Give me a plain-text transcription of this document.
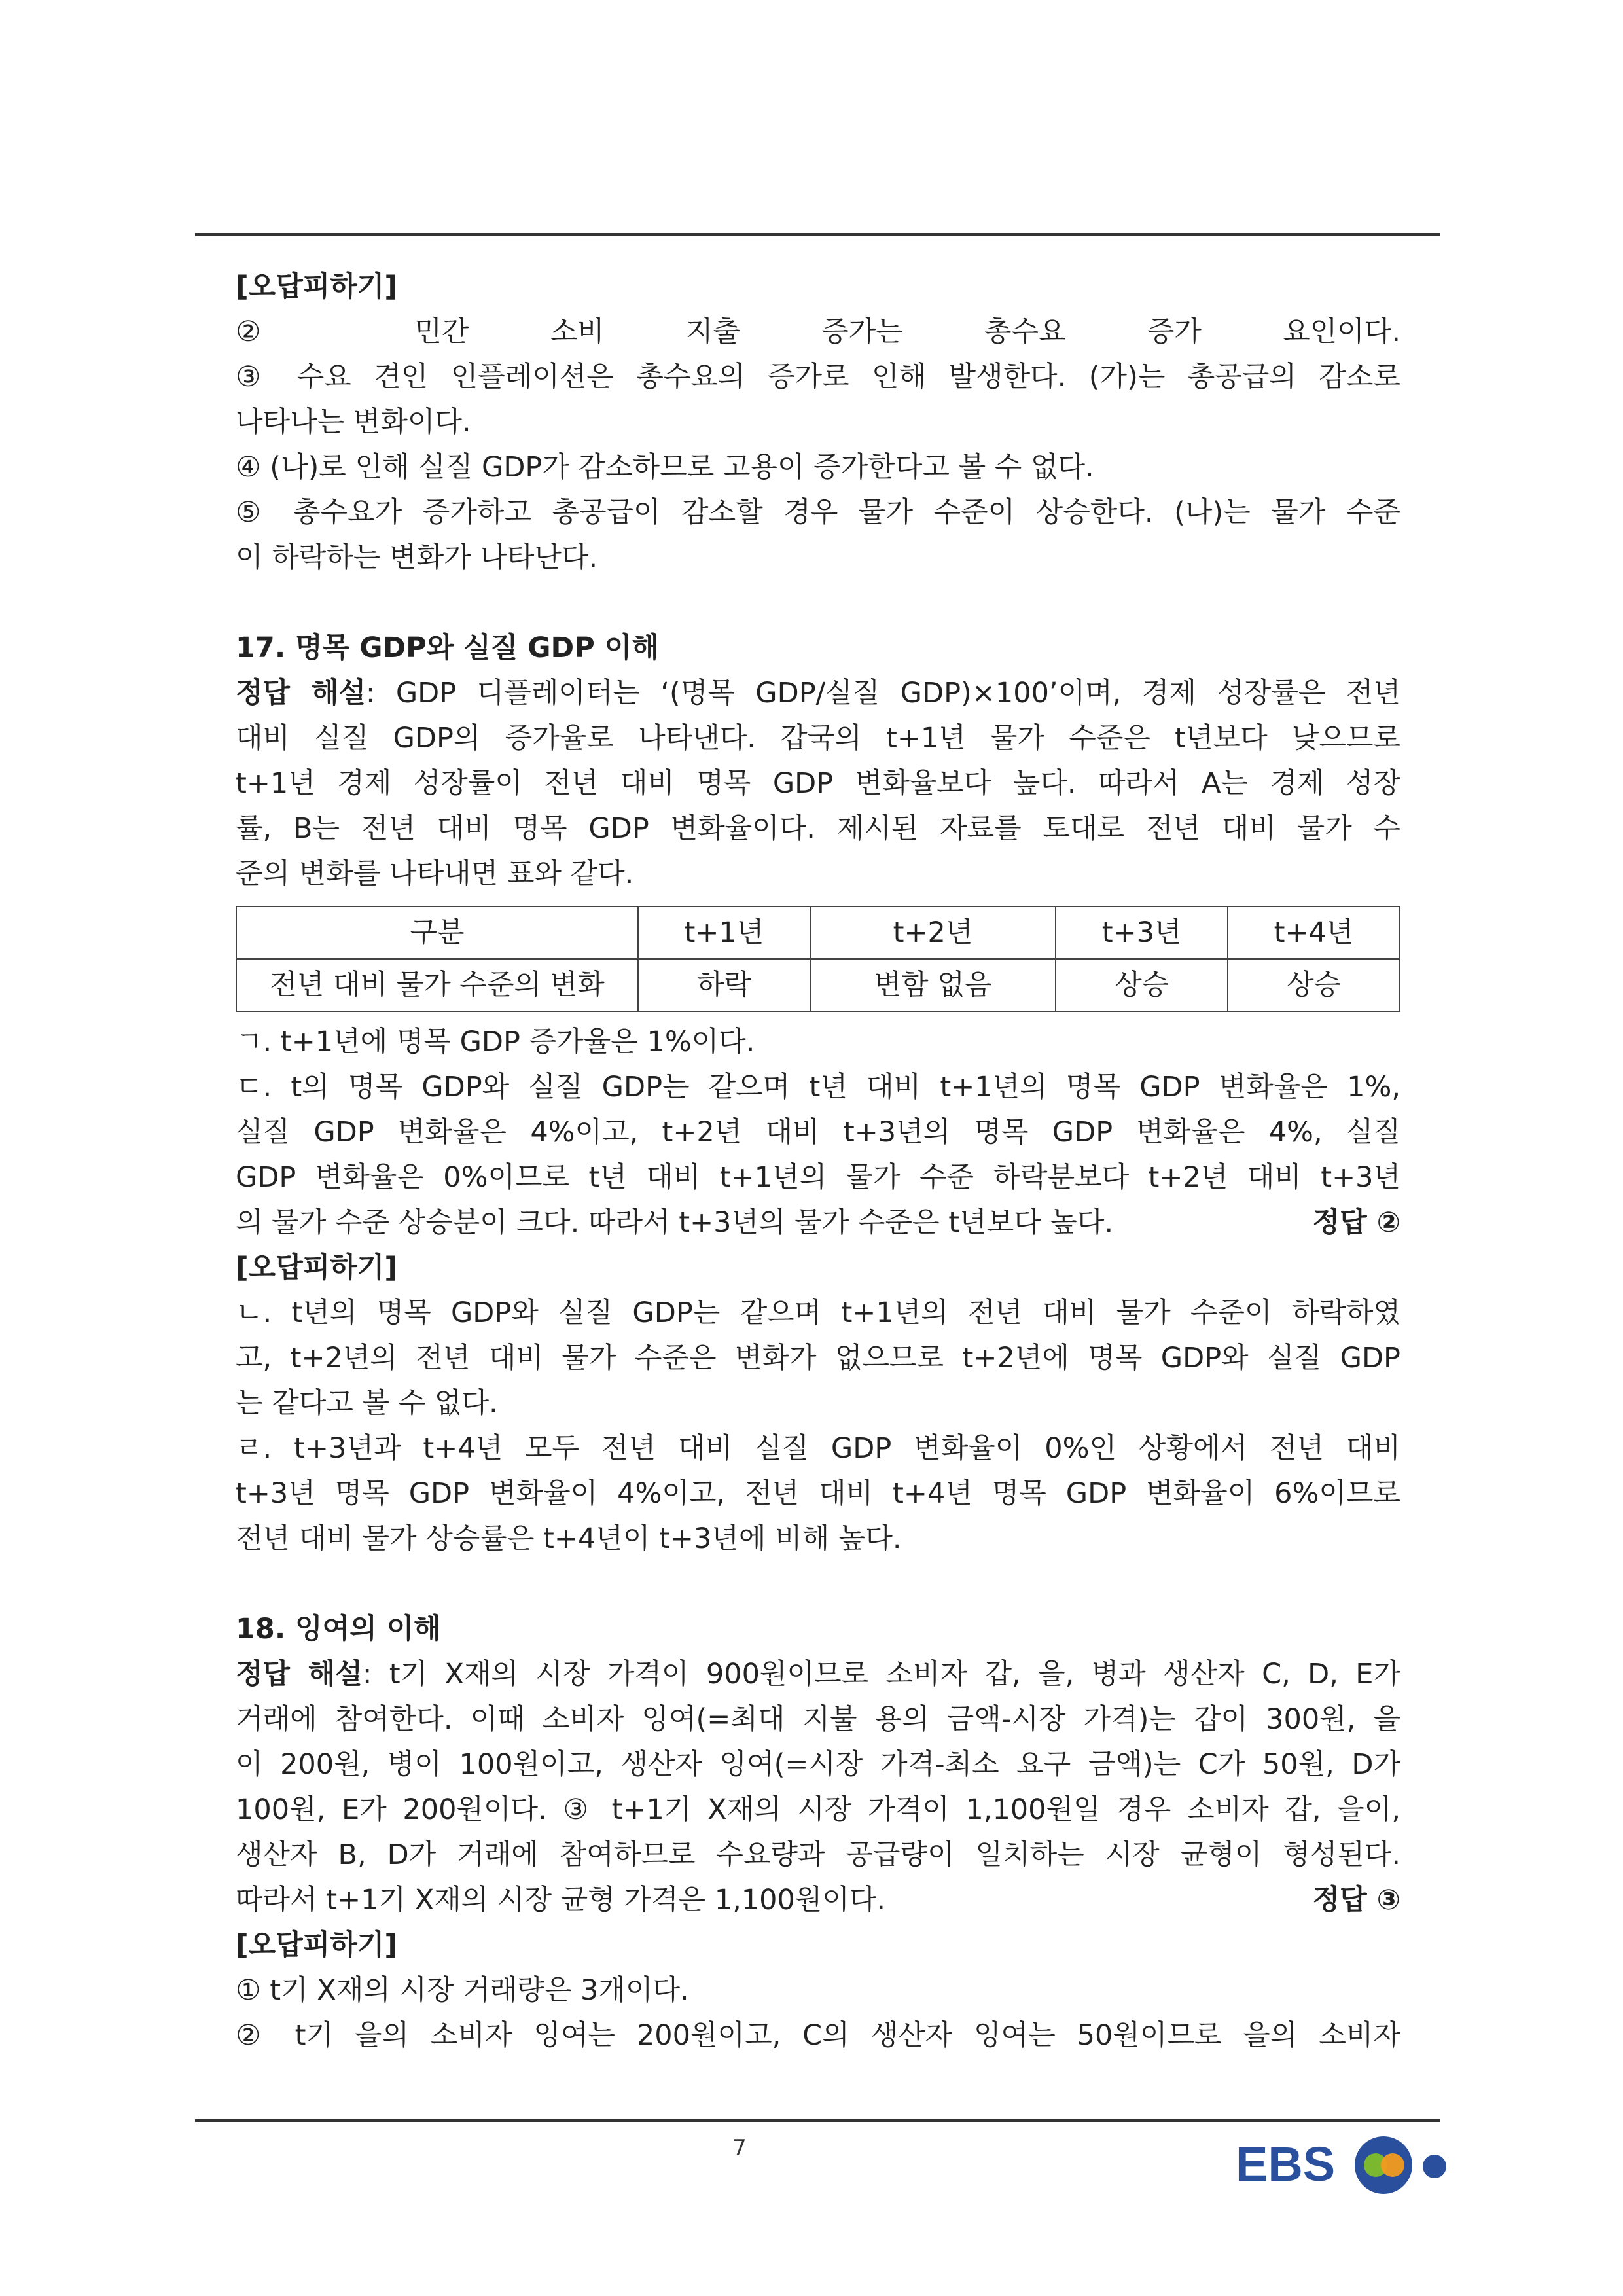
[오답피하기]
② 민간 소비 지출 증가는 총수요 증가 요인이다.
③ 수요 견인 인플레이션은 총수요의 증가로 인해 발생한다. (가)는 총공급의 감소로
나타나는 변화이다.
④ (나)로 인해 실질 GDP가 감소하므로 고용이 증가한다고 볼 수 없다.
⑤ 총수요가 증가하고 총공급이 감소할 경우 물가 수준이 상승한다. (나)는 물가 수준
이 하락하는 변화가 나타난다.
17. 명목 GDP와 실질 GDP 이해
정답 해설: GDP 디플레이터는 ‘(명목 GDP/실질 GDP)×100’이며, 경제 성장률은 전년
대비 실질 GDP의 증가율로 나타낸다. 갑국의 t+1년 물가 수준은 t년보다 낮으므로
t+1년 경제 성장률이 전년 대비 명목 GDP 변화율보다 높다. 따라서 A는 경제 성장
률, B는 전년 대비 명목 GDP 변화율이다. 제시된 자료를 토대로 전년 대비 물가 수
준의 변화를 나타내면 표와 같다.
구분	t+1년	t+2년	t+3년	t+4년
전년 대비 물가 수준의 변화	하락	변함 없음	상승	상승
ㄱ. t+1년에 명목 GDP 증가율은 1%이다.
ㄷ. t의 명목 GDP와 실질 GDP는 같으며 t년 대비 t+1년의 명목 GDP 변화율은 1%,
실질 GDP 변화율은 4%이고, t+2년 대비 t+3년의 명목 GDP 변화율은 4%, 실질
GDP 변화율은 0%이므로 t년 대비 t+1년의 물가 수준 하락분보다 t+2년 대비 t+3년
의 물가 수준 상승분이 크다. 따라서 t+3년의 물가 수준은 t년보다 높다.	정답 ②
[오답피하기]
ㄴ. t년의 명목 GDP와 실질 GDP는 같으며 t+1년의 전년 대비 물가 수준이 하락하였
고, t+2년의 전년 대비 물가 수준은 변화가 없으므로 t+2년에 명목 GDP와 실질 GDP
는 같다고 볼 수 없다.
ㄹ. t+3년과 t+4년 모두 전년 대비 실질 GDP 변화율이 0%인 상황에서 전년 대비
t+3년 명목 GDP 변화율이 4%이고, 전년 대비 t+4년 명목 GDP 변화율이 6%이므로
전년 대비 물가 상승률은 t+4년이 t+3년에 비해 높다.
18. 잉여의 이해
정답 해설: t기 X재의 시장 가격이 900원이므로 소비자 갑, 을, 병과 생산자 C, D, E가
거래에 참여한다. 이때 소비자 잉여(=최대 지불 용의 금액-시장 가격)는 갑이 300원, 을
이 200원, 병이 100원이고, 생산자 잉여(=시장 가격-최소 요구 금액)는 C가 50원, D가
100원, E가 200원이다. ③ t+1기 X재의 시장 가격이 1,100원일 경우 소비자 갑, 을이,
생산자 B, D가 거래에 참여하므로 수요량과 공급량이 일치하는 시장 균형이 형성된다.
따라서 t+1기 X재의 시장 균형 가격은 1,100원이다.	정답 ③
[오답피하기]
① t기 X재의 시장 거래량은 3개이다.
② t기 을의 소비자 잉여는 200원이고, C의 생산자 잉여는 50원이므로 을의 소비자
7	EBS
